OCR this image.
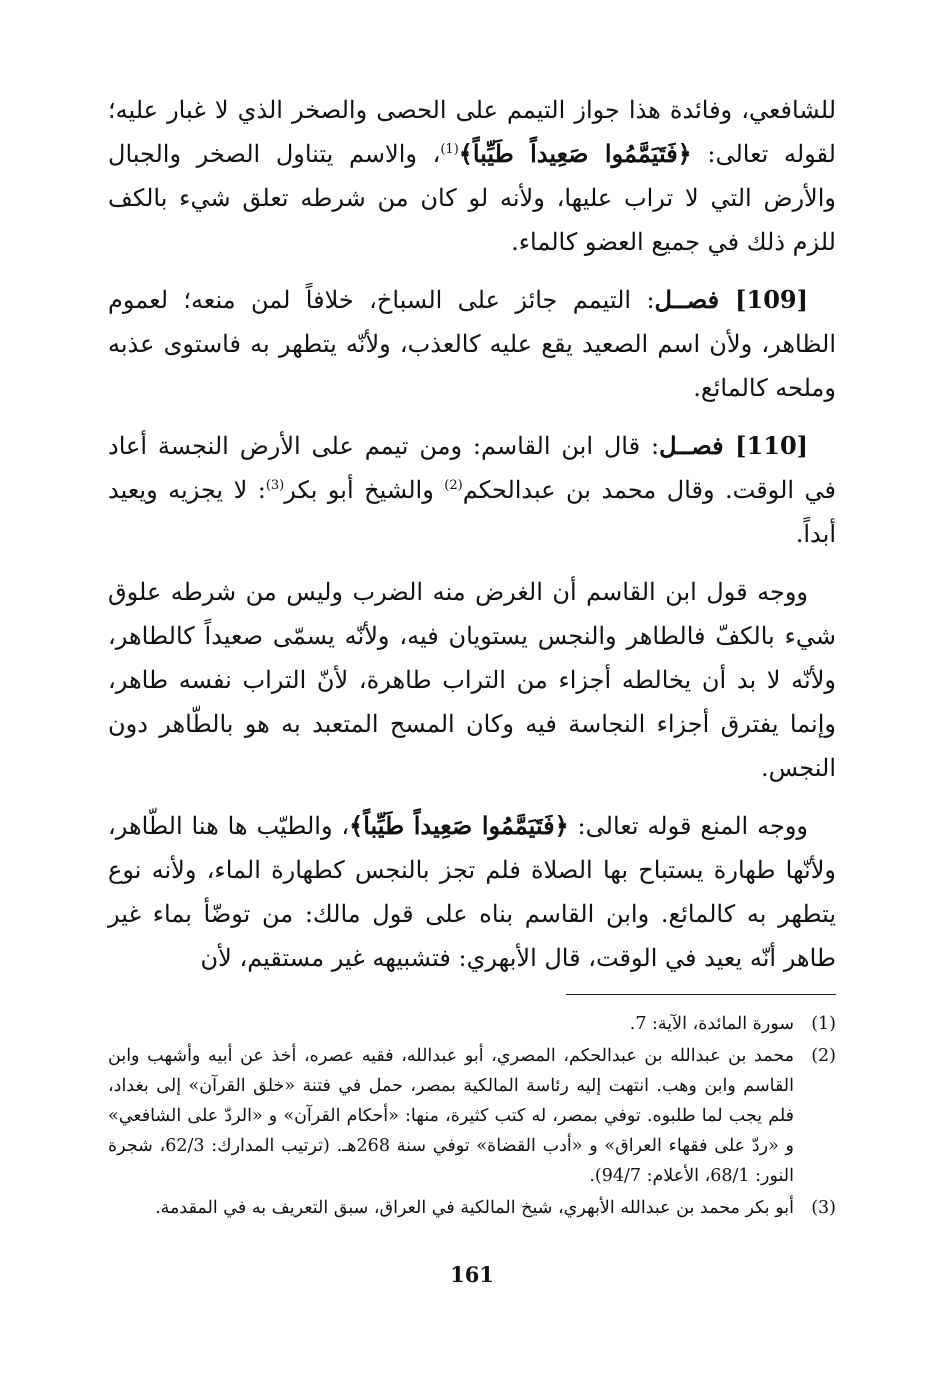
للشافعي، وفائدة هذا جواز التيمم على الحصى والصخر الذي لا غبار عليه؛ لقوله تعالى: ﴿فَتَيَمَّمُوا صَعِيداً طَيِّباً﴾$^{(1)}$، والاسم يتناول الصخر والجبال والأرض التي لا تراب عليها، ولأنه لو كان من شرطه تعلق شيء بالكف للزم ذلك في جميع العضو كالماء.

[109] فصــل: التيمم جائز على السباخ، خلافاً لمن منعه؛ لعموم الظاهر، ولأن اسم الصعيد يقع عليه كالعذب، ولأنّه يتطهر به فاستوى عذبه وملحه كالمائع.

[110] فصــل: قال ابن القاسم: ومن تيمم على الأرض النجسة أعاد في الوقت. وقال محمد بن عبدالحكم$^{(2)}$ والشيخ أبو بكر$^{(3)}$: لا يجزيه ويعيد أبداً.

ووجه قول ابن القاسم أن الغرض منه الضرب وليس من شرطه علوق شيء بالكفّ فالطاهر والنجس يستويان فيه، ولأنّه يسمّى صعيداً كالطاهر، ولأنّه لا بد أن يخالطه أجزاء من التراب طاهرة، لأنّ التراب نفسه طاهر، وإنما يفترق أجزاء النجاسة فيه وكان المسح المتعبد به هو بالطّاهر دون النجس.

ووجه المنع قوله تعالى: ﴿فَتَيَمَّمُوا صَعِيداً طَيِّباً﴾، والطيّب ها هنا الطّاهر، ولأنّها طهارة يستباح بها الصلاة فلم تجز بالنجس كطهارة الماء، ولأنه نوع يتطهر به كالمائع. وابن القاسم بناه على قول مالك: من توضّأ بماء غير طاهر أنّه يعيد في الوقت، قال الأبهري: فتشبيهه غير مستقيم، لأن

(1)
سورة المائدة، الآية: 7.
(2)
محمد بن عبدالله بن عبدالحكم، المصري، أبو عبدالله، فقيه عصره، أخذ عن أبيه وأشهب وابن القاسم وابن وهب. انتهت إليه رئاسة المالكية بمصر، حمل في فتنة «خلق القرآن» إلى بغداد، فلم يجب لما طلبوه. توفي بمصر، له كتب كثيرة، منها: «أحكام القرآن» و «الردّ على الشافعي» و «ردّ على فقهاء العراق» و «أدب القضاة» توفي سنة 268هـ. (ترتيب المدارك: 62/3، شجرة النور: 68/1، الأعلام: 94/7).
(3)
أبو بكر محمد بن عبدالله الأبهري، شيخ المالكية في العراق، سبق التعريف به في المقدمة.
161
